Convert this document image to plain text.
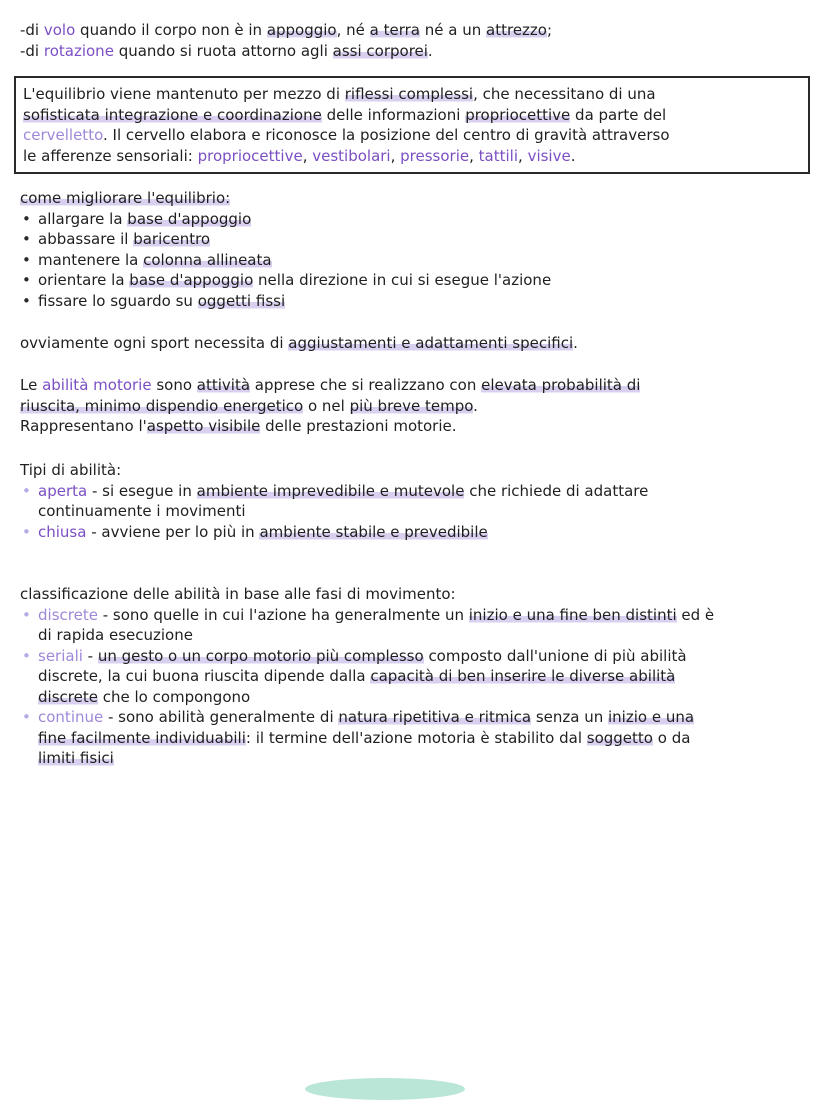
-di volo quando il corpo non è in appoggio, né a terra né a un attrezzo;
-di rotazione quando si ruota attorno agli assi corporei.
L'equilibrio viene mantenuto per mezzo di riflessi complessi, che necessitano di una
sofisticata integrazione e coordinazione delle informazioni propriocettive da parte del
cervelletto. Il cervello elabora e riconosce la posizione del centro di gravità attraverso
le afferenze sensoriali: propriocettive, vestibolari, pressorie, tattili, visive.
come migliorare l'equilibrio:
• allargare la base d'appoggio
• abbassare il baricentro
• mantenere la colonna allineata
• orientare la base d'appoggio nella direzione in cui si esegue l'azione
• fissare lo sguardo su oggetti fissi
ovviamente ogni sport necessita di aggiustamenti e adattamenti specifici.
Le abilità motorie sono attività apprese che si realizzano con elevata probabilità di
riuscita, minimo dispendio energetico o nel più breve tempo.
Rappresentano l'aspetto visibile delle prestazioni motorie.
Tipi di abilità:
• aperta - si esegue in ambiente imprevedibile e mutevole che richiede di adattare
continuamente i movimenti
• chiusa - avviene per lo più in ambiente stabile e prevedibile
classificazione delle abilità in base alle fasi di movimento:
• discrete - sono quelle in cui l'azione ha generalmente un inizio e una fine ben distinti ed è
di rapida esecuzione
• seriali - un gesto o un corpo motorio più complesso composto dall'unione di più abilità
discrete, la cui buona riuscita dipende dalla capacità di ben inserire le diverse abilità
discrete che lo compongono
• continue - sono abilità generalmente di natura ripetitiva e ritmica senza un inizio e una
fine facilmente individuabili: il termine dell'azione motoria è stabilito dal soggetto o da
limiti fisici
